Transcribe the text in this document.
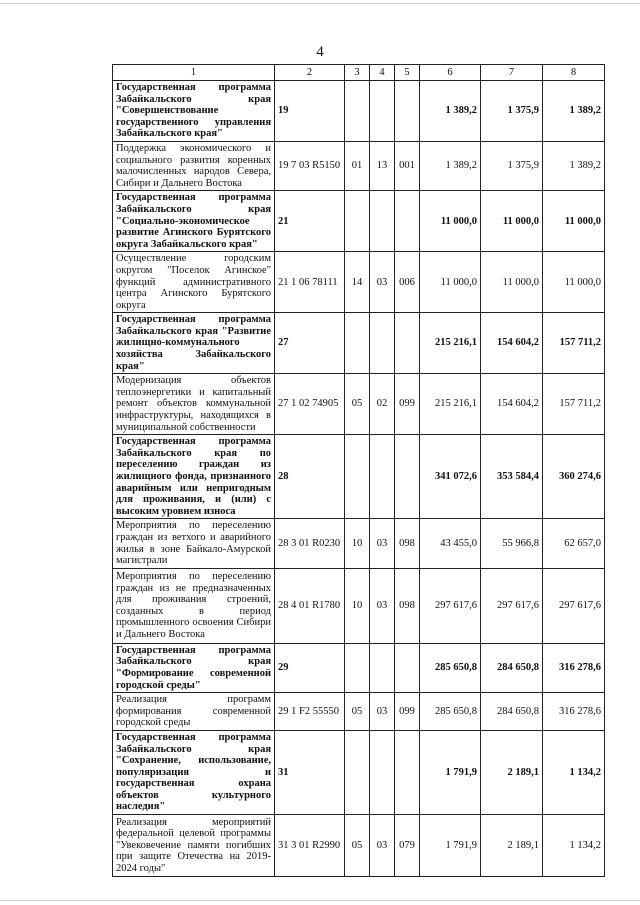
4
1	2	3	4	5	6	7	8
Государственная программа Забайкальского края "Совершенствование государственного управления Забайкальского края"	19				1 389,2	1 375,9	1 389,2
Поддержка экономического и социального развития коренных малочисленных народов Севера, Сибири и Дальнего Востока	19 7 03 R5150	01	13	001	1 389,2	1 375,9	1 389,2
Государственная программа Забайкальского края "Социально-экономическое развитие Агинского Бурятского округа Забайкальского края"	21				11 000,0	11 000,0	11 000,0
Осуществление городским округом "Поселок Агинское" функций административного центра Агинского Бурятского округа	21 1 06 78111	14	03	006	11 000,0	11 000,0	11 000,0
Государственная программа Забайкальского края "Развитие жилищно-коммунального хозяйства Забайкальского края"	27				215 216,1	154 604,2	157 711,2
Модернизация объектов теплоэнергетики и капитальный ремонт объектов коммунальной инфраструктуры, находящихся в муниципальной собственности	27 1 02 74905	05	02	099	215 216,1	154 604,2	157 711,2
Государственная программа Забайкальского края по переселению граждан из жилищного фонда, признанного аварийным или непригодным для проживания, и (или) с высоким уровнем износа	28				341 072,6	353 584,4	360 274,6
Мероприятия по переселению граждан из ветхого и аварийного жилья в зоне Байкало-Амурской магистрали	28 3 01 R0230	10	03	098	43 455,0	55 966,8	62 657,0
Мероприятия по переселению граждан из не предназначенных для проживания строений, созданных в период промышленного освоения Сибири и Дальнего Востока	28 4 01 R1780	10	03	098	297 617,6	297 617,6	297 617,6
Государственная программа Забайкальского края "Формирование современной городской среды"	29				285 650,8	284 650,8	316 278,6
Реализация программ формирования современной городской среды	29 1 F2 55550	05	03	099	285 650,8	284 650,8	316 278,6
Государственная программа Забайкальского края "Сохранение, использование, популяризация и государственная охрана объектов культурного наследия"	31				1 791,9	2 189,1	1 134,2
Реализация мероприятий федеральной целевой программы "Увековечение памяти погибших при защите Отечества на 2019-2024 годы"	31 3 01 R2990	05	03	079	1 791,9	2 189,1	1 134,2
